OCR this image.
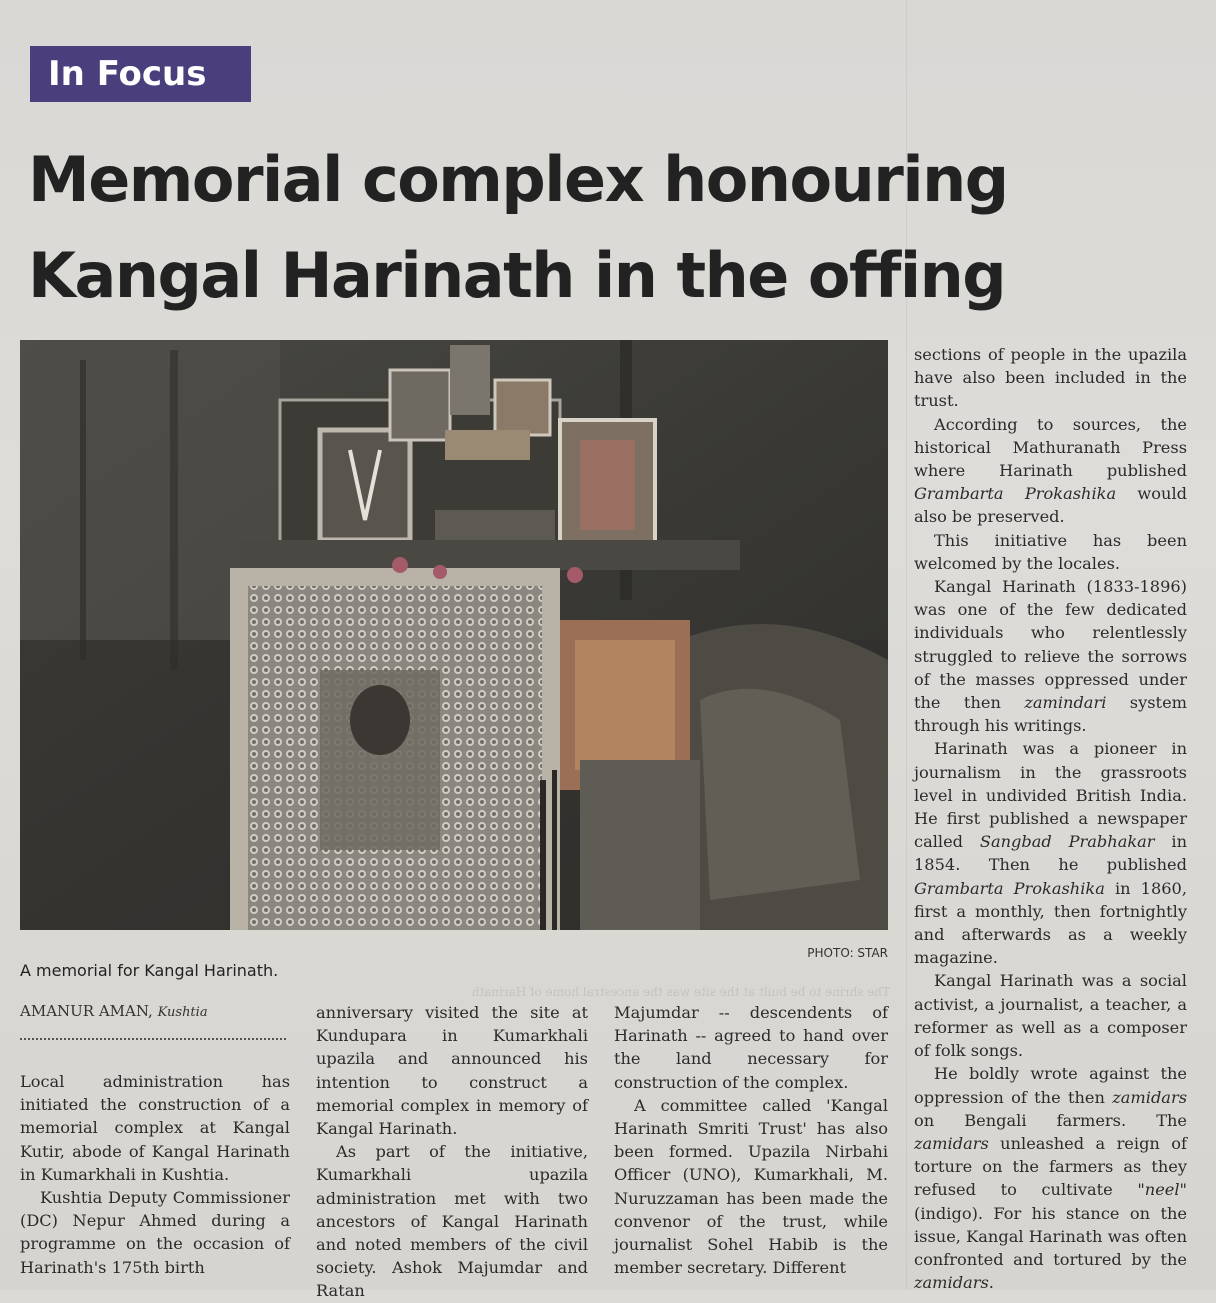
In Focus
Memorial complex honouring
Kangal Harinath in the offing
PHOTO: STAR
A memorial for Kangal Harinath.
AMANUR AMAN, Kushtia
The shrine to be built at the site was the ancestral home of Harinath

Local administration has initiated the construction of a memorial complex at Kangal Kutir, abode of Kangal Harinath in Kumarkhali in Kushtia.

Kushtia Deputy Commissioner (DC) Nepur Ahmed during a programme on the occasion of Harinath's 175th birth

anniversary visited the site at Kundupara in Kumarkhali upazila and announced his intention to construct a memorial complex in memory of Kangal Harinath.

As part of the initiative, Kumarkhali upazila administration met with two ancestors of Kangal Harinath and noted members of the civil society. Ashok Majumdar and Ratan

Majumdar -- descendents of Harinath -- agreed to hand over the land necessary for construction of the complex.

A committee called 'Kangal Harinath Smriti Trust' has also been formed. Upazila Nirbahi Officer (UNO), Kumarkhali, M. Nuruzzaman has been made the convenor of the trust, while journalist Sohel Habib is the member secretary. Different

sections of people in the upazila have also been included in the trust.

According to sources, the historical Mathuranath Press where Harinath published Grambarta Prokashika would also be preserved.

This initiative has been welcomed by the locales.

Kangal Harinath (1833-1896) was one of the few dedicated individuals who relentlessly struggled to relieve the sorrows of the masses oppressed under the then zamindari system through his writings.

Harinath was a pioneer in journalism in the grassroots level in undivided British India. He first published a newspaper called Sangbad Prabhakar in 1854. Then he published Grambarta Prokashika in 1860, first a monthly, then fortnightly and afterwards as a weekly magazine.

Kangal Harinath was a social activist, a journalist, a teacher, a reformer as well as a composer of folk songs.

He boldly wrote against the oppression of the then zamidars on Bengali farmers. The zamidars unleashed a reign of torture on the farmers as they refused to cultivate "neel" (indigo). For his stance on the issue, Kangal Harinath was often confronted and tortured by the zamidars.
